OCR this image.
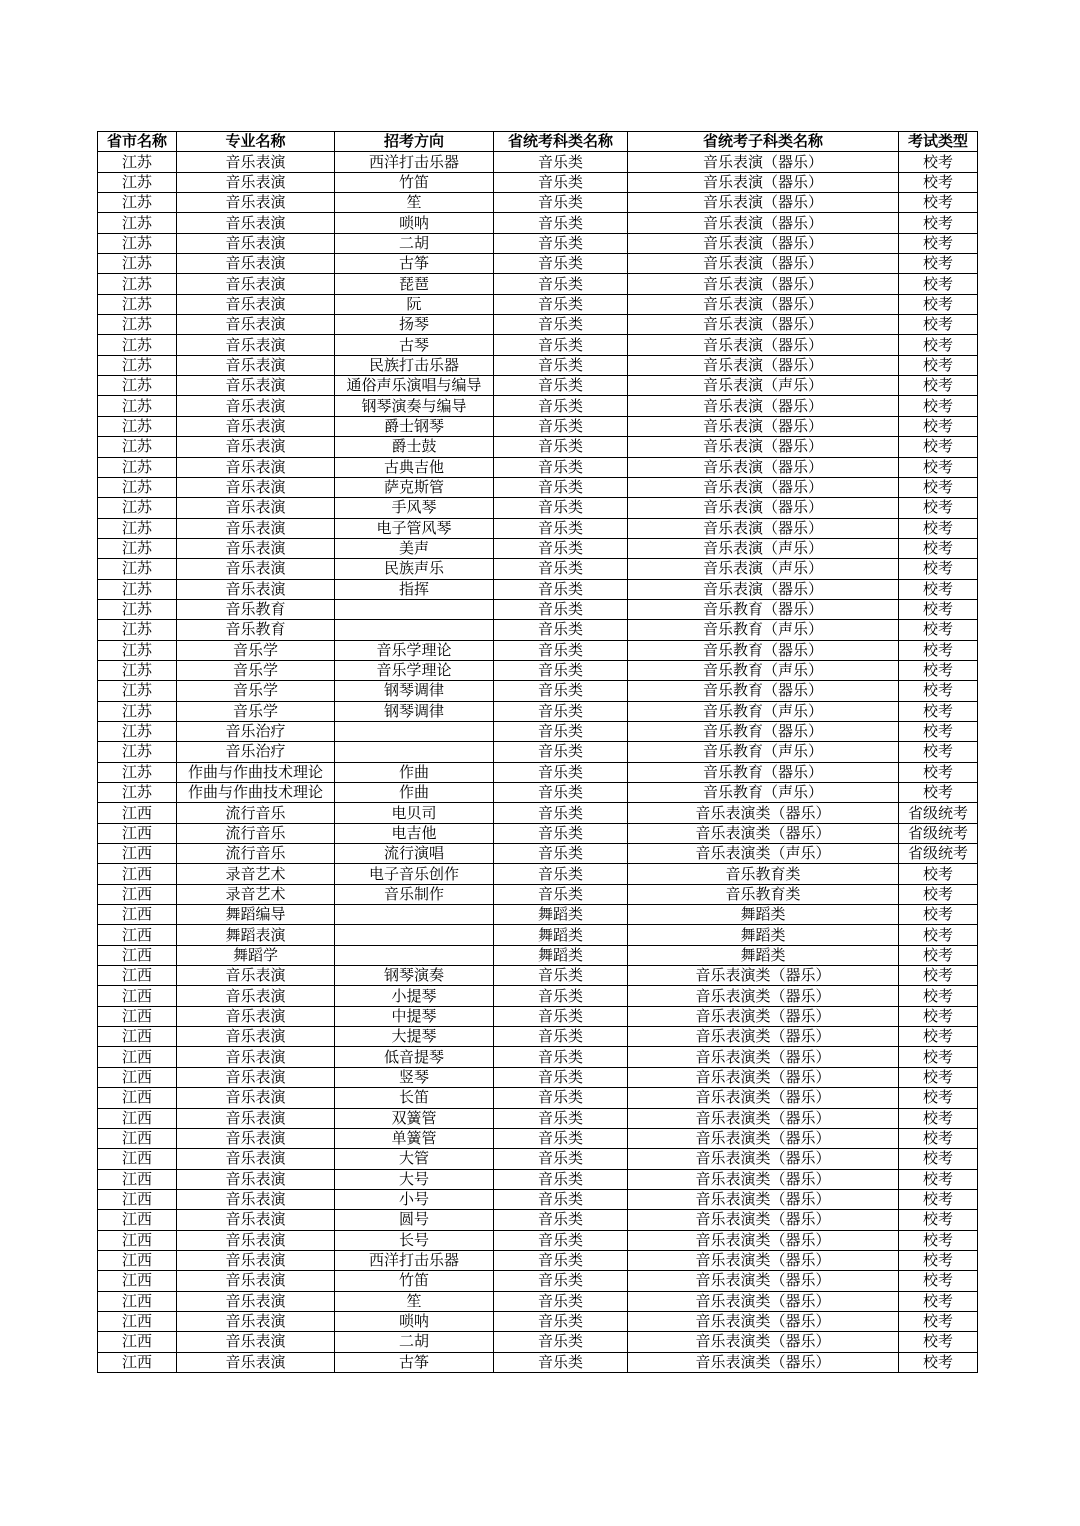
省市名称	专业名称	招考方向	省统考科类名称	省统考子科类名称	考试类型
江苏	音乐表演	西洋打击乐器	音乐类	音乐表演（器乐）	校考
江苏	音乐表演	竹笛	音乐类	音乐表演（器乐）	校考
江苏	音乐表演	笙	音乐类	音乐表演（器乐）	校考
江苏	音乐表演	唢呐	音乐类	音乐表演（器乐）	校考
江苏	音乐表演	二胡	音乐类	音乐表演（器乐）	校考
江苏	音乐表演	古筝	音乐类	音乐表演（器乐）	校考
江苏	音乐表演	琵琶	音乐类	音乐表演（器乐）	校考
江苏	音乐表演	阮	音乐类	音乐表演（器乐）	校考
江苏	音乐表演	扬琴	音乐类	音乐表演（器乐）	校考
江苏	音乐表演	古琴	音乐类	音乐表演（器乐）	校考
江苏	音乐表演	民族打击乐器	音乐类	音乐表演（器乐）	校考
江苏	音乐表演	通俗声乐演唱与编导	音乐类	音乐表演（声乐）	校考
江苏	音乐表演	钢琴演奏与编导	音乐类	音乐表演（器乐）	校考
江苏	音乐表演	爵士钢琴	音乐类	音乐表演（器乐）	校考
江苏	音乐表演	爵士鼓	音乐类	音乐表演（器乐）	校考
江苏	音乐表演	古典吉他	音乐类	音乐表演（器乐）	校考
江苏	音乐表演	萨克斯管	音乐类	音乐表演（器乐）	校考
江苏	音乐表演	手风琴	音乐类	音乐表演（器乐）	校考
江苏	音乐表演	电子管风琴	音乐类	音乐表演（器乐）	校考
江苏	音乐表演	美声	音乐类	音乐表演（声乐）	校考
江苏	音乐表演	民族声乐	音乐类	音乐表演（声乐）	校考
江苏	音乐表演	指挥	音乐类	音乐表演（器乐）	校考
江苏	音乐教育		音乐类	音乐教育（器乐）	校考
江苏	音乐教育		音乐类	音乐教育（声乐）	校考
江苏	音乐学	音乐学理论	音乐类	音乐教育（器乐）	校考
江苏	音乐学	音乐学理论	音乐类	音乐教育（声乐）	校考
江苏	音乐学	钢琴调律	音乐类	音乐教育（器乐）	校考
江苏	音乐学	钢琴调律	音乐类	音乐教育（声乐）	校考
江苏	音乐治疗		音乐类	音乐教育（器乐）	校考
江苏	音乐治疗		音乐类	音乐教育（声乐）	校考
江苏	作曲与作曲技术理论	作曲	音乐类	音乐教育（器乐）	校考
江苏	作曲与作曲技术理论	作曲	音乐类	音乐教育（声乐）	校考
江西	流行音乐	电贝司	音乐类	音乐表演类（器乐）	省级统考
江西	流行音乐	电吉他	音乐类	音乐表演类（器乐）	省级统考
江西	流行音乐	流行演唱	音乐类	音乐表演类（声乐）	省级统考
江西	录音艺术	电子音乐创作	音乐类	音乐教育类	校考
江西	录音艺术	音乐制作	音乐类	音乐教育类	校考
江西	舞蹈编导		舞蹈类	舞蹈类	校考
江西	舞蹈表演		舞蹈类	舞蹈类	校考
江西	舞蹈学		舞蹈类	舞蹈类	校考
江西	音乐表演	钢琴演奏	音乐类	音乐表演类（器乐）	校考
江西	音乐表演	小提琴	音乐类	音乐表演类（器乐）	校考
江西	音乐表演	中提琴	音乐类	音乐表演类（器乐）	校考
江西	音乐表演	大提琴	音乐类	音乐表演类（器乐）	校考
江西	音乐表演	低音提琴	音乐类	音乐表演类（器乐）	校考
江西	音乐表演	竖琴	音乐类	音乐表演类（器乐）	校考
江西	音乐表演	长笛	音乐类	音乐表演类（器乐）	校考
江西	音乐表演	双簧管	音乐类	音乐表演类（器乐）	校考
江西	音乐表演	单簧管	音乐类	音乐表演类（器乐）	校考
江西	音乐表演	大管	音乐类	音乐表演类（器乐）	校考
江西	音乐表演	大号	音乐类	音乐表演类（器乐）	校考
江西	音乐表演	小号	音乐类	音乐表演类（器乐）	校考
江西	音乐表演	圆号	音乐类	音乐表演类（器乐）	校考
江西	音乐表演	长号	音乐类	音乐表演类（器乐）	校考
江西	音乐表演	西洋打击乐器	音乐类	音乐表演类（器乐）	校考
江西	音乐表演	竹笛	音乐类	音乐表演类（器乐）	校考
江西	音乐表演	笙	音乐类	音乐表演类（器乐）	校考
江西	音乐表演	唢呐	音乐类	音乐表演类（器乐）	校考
江西	音乐表演	二胡	音乐类	音乐表演类（器乐）	校考
江西	音乐表演	古筝	音乐类	音乐表演类（器乐）	校考
